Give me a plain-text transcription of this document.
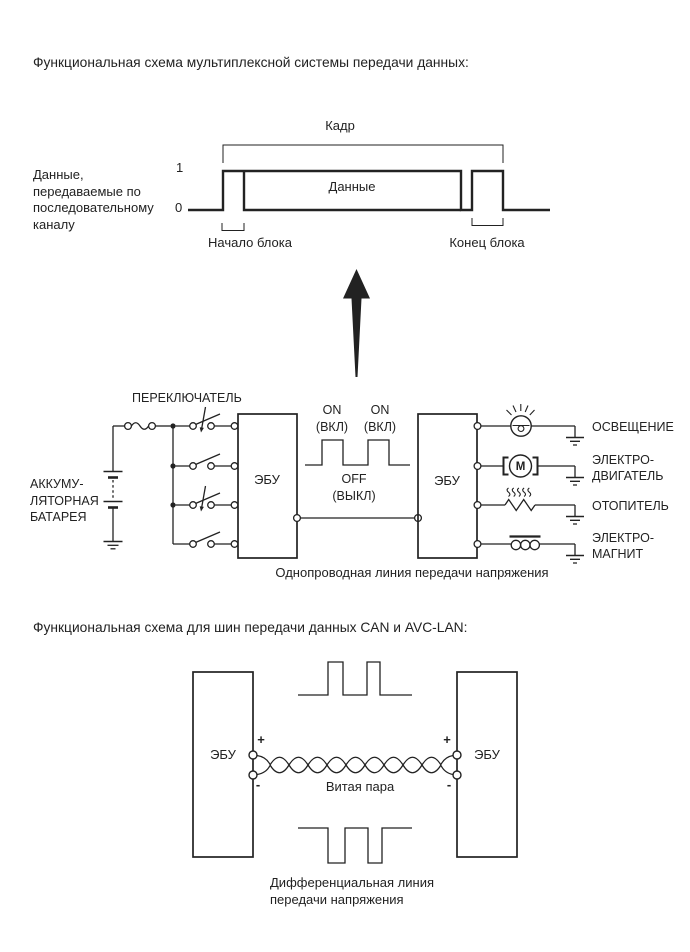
Функциональная схема мультиплексной системы передачи данных:
Кадр
Данные,
передаваемые по
последовательному
каналу
1
0
Данные
Начало блока	Конец блока
ПЕРЕКЛЮЧАТЕЛЬ
АККУМУ-
ЛЯТОРНАЯ
БАТАРЕЯ
ЭБУ
ON
(ВКЛ)
ON
(ВКЛ)
OFF
(ВЫКЛ)
ЭБУ
M
ОСВЕЩЕНИЕ
ЭЛЕКТРО-
ДВИГАТЕЛЬ
ОТОПИТЕЛЬ
ЭЛЕКТРО-
МАГНИТ
Однопроводная линия передачи напряжения
Функциональная схема для шин передачи данных CAN и AVC-LAN:
ЭБУ	ЭБУ
+
-
+
-
Витая пара
Дифференциальная линия
передачи напряжения
